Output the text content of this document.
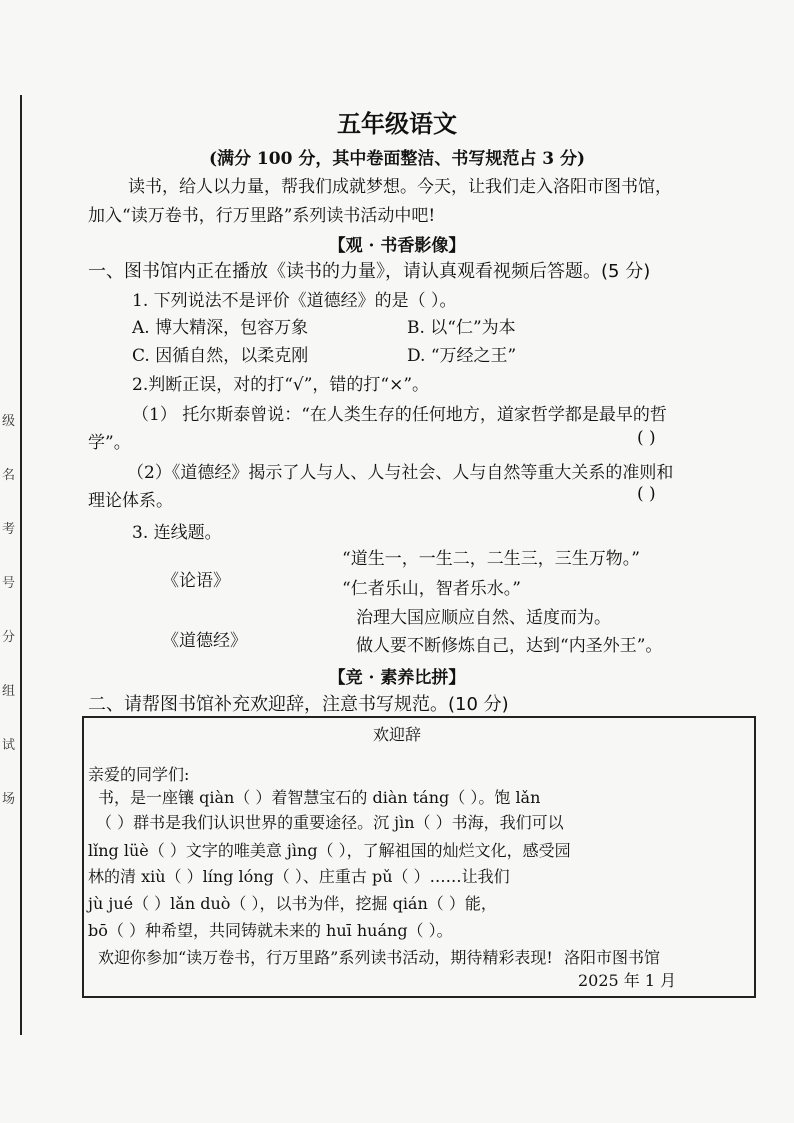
级 名 考 号 分 组 试 场
五年级语文
(满分 100 分，其中卷面整洁、书写规范占 3 分)
读书，给人以力量，帮我们成就梦想。今天，让我们走入洛阳市图书馆，
加入“读万卷书，行万里路”系列读书活动中吧!
【观 · 书香影像】
一、图书馆内正在播放《读书的力量》，请认真观看视频后答题。(5 分)
1. 下列说法不是评价《道德经》的是（ ）。
A. 博大精深，包容万象	B. 以“仁”为本
C. 因循自然，以柔克刚	D. “万经之王”
2.判断正误，对的打“√”，错的打“×”。
（1） 托尔斯泰曾说：“在人类生存的任何地方，道家哲学都是最早的哲
学”。	( )
（2）《道德经》揭示了人与人、人与社会、人与自然等重大关系的准则和
理论体系。	( )
3. 连线题。
《论语》
《道德经》
“道生一，一生二，二生三，三生万物。”
“仁者乐山，智者乐水。”
治理大国应顺应自然、适度而为。
做人要不断修炼自己，达到“内圣外王”。
【竞 · 素养比拼】
二、请帮图书馆补充欢迎辞，注意书写规范。(10 分)
欢迎辞
亲爱的同学们:
书，是一座镶 qiàn（ ）着智慧宝石的 diàn táng（ ）。饱 lǎn
（ ）群书是我们认识世界的重要途径。沉 jìn（ ）书海，我们可以
lǐng lüè（ ）文字的唯美意 jìng（ ），了解祖国的灿烂文化，感受园
林的清 xiù（ ）líng lóng（ ）、庄重古 pǔ（ ）……让我们
jù jué（ ）lǎn duò（ ），以书为伴，挖掘 qián（ ）能，
bō（ ）种希望，共同铸就未来的 huī huáng（ ）。
欢迎你参加“读万卷书，行万里路”系列读书活动，期待精彩表现! 洛阳市图书馆
2025 年 1 月
